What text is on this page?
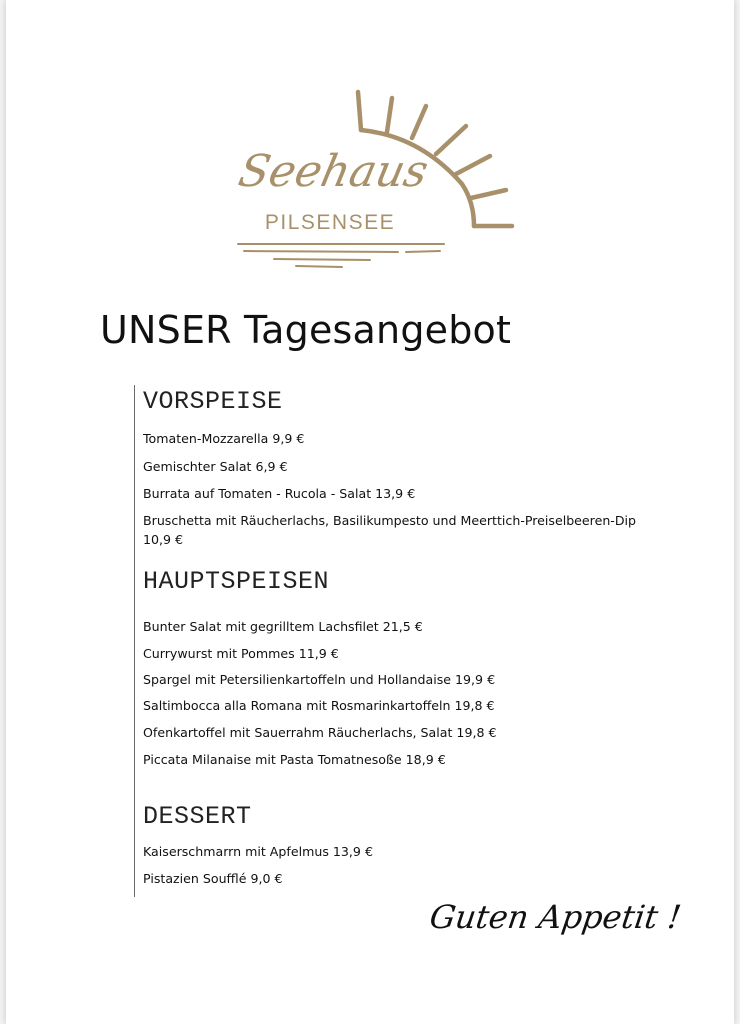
Seehaus
PILSENSEE
UNSER Tagesangebot
VORSPEISE
Tomaten-Mozzarella 9,9 €
Gemischter Salat 6,9 €
Burrata auf Tomaten - Rucola - Salat 13,9 €
Bruschetta mit Räucherlachs, Basilikumpesto und Meerttich-Preiselbeeren-Dip 10,9 €
HAUPTSPEISEN
Bunter Salat mit gegrilltem Lachsfilet 21,5 €
Currywurst mit Pommes 11,9 €
Spargel mit Petersilienkartoffeln und Hollandaise 19,9 €
Saltimbocca alla Romana mit Rosmarinkartoffeln 19,8 €
Ofenkartoffel mit Sauerrahm Räucherlachs, Salat 19,8 €
Piccata Milanaise mit Pasta Tomatnesoße 18,9 €
DESSERT
Kaiserschmarrn mit Apfelmus 13,9 €
Pistazien Soufflé 9,0 €
Guten Appetit !
